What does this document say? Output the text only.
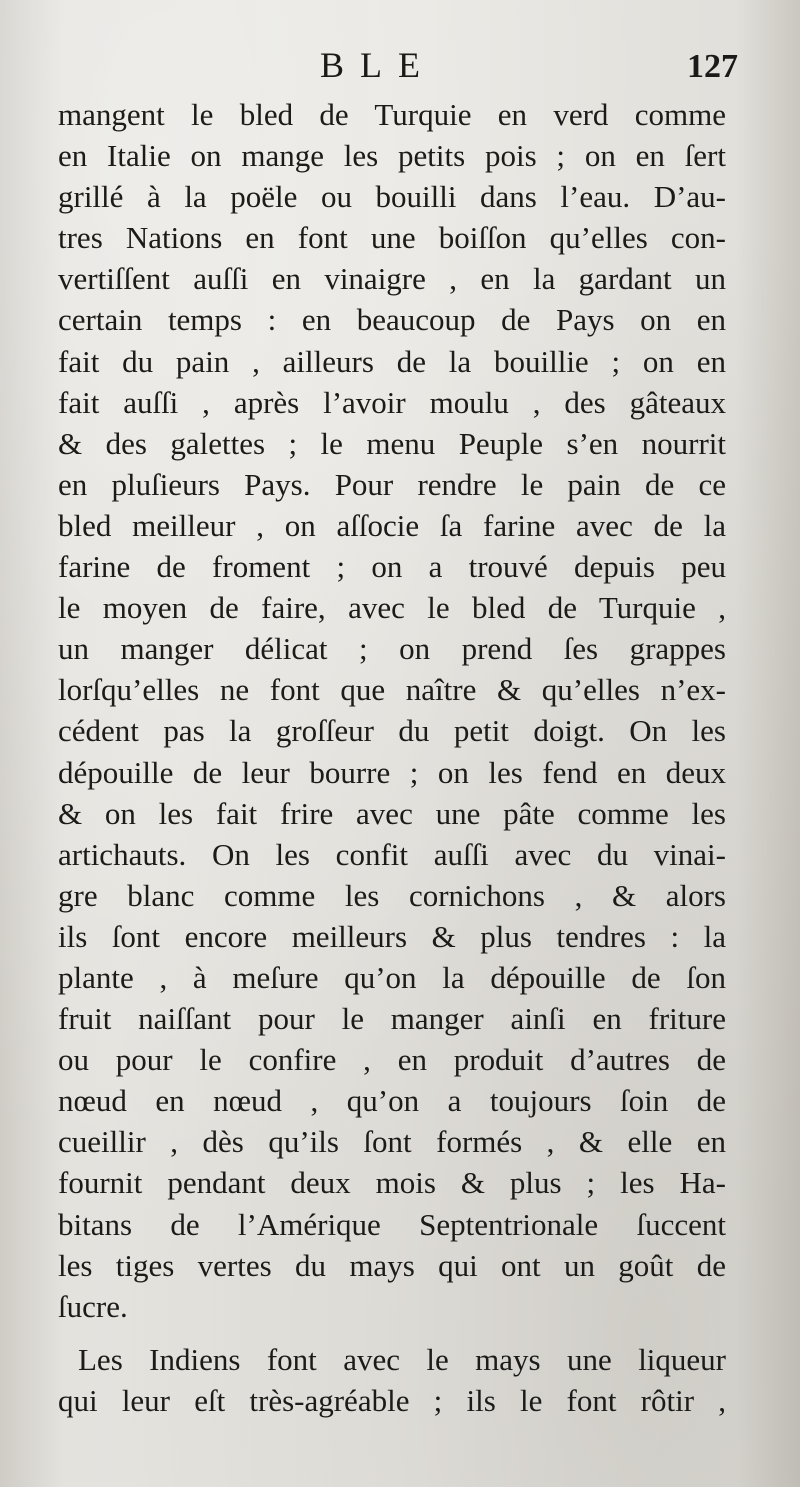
BLE	127
mangent le bled de Turquie en verd comme
en Italie on mange les petits pois ; on en ſert
grillé à la poële ou bouilli dans l’eau. D’au-
tres Nations en font une boiſſon qu’elles con-
vertiſſent auſſi en vinaigre , en la gardant un
certain temps : en beaucoup de Pays on en
fait du pain , ailleurs de la bouillie ; on en
fait auſſi , après l’avoir moulu , des gâteaux
& des galettes ; le menu Peuple s’en nourrit
en pluſieurs Pays. Pour rendre le pain de ce
bled meilleur , on aſſocie ſa farine avec de la
farine de froment ; on a trouvé depuis peu
le moyen de faire, avec le bled de Turquie ,
un manger délicat ; on prend ſes grappes
lorſqu’elles ne font que naître & qu’elles n’ex-
cédent pas la groſſeur du petit doigt. On les
dépouille de leur bourre ; on les fend en deux
& on les fait frire avec une pâte comme les
artichauts. On les confit auſſi avec du vinai-
gre blanc comme les cornichons , & alors
ils ſont encore meilleurs & plus tendres : la
plante , à meſure qu’on la dépouille de ſon
fruit naiſſant pour le manger ainſi en friture
ou pour le confire , en produit d’autres de
nœud en nœud , qu’on a toujours ſoin de
cueillir , dès qu’ils ſont formés , & elle en
fournit pendant deux mois & plus ; les Ha-
bitans de l’Amérique Septentrionale ſuccent
les tiges vertes du mays qui ont un goût de
ſucre.
Les Indiens font avec le mays une liqueur
qui leur eſt très-agréable ; ils le font rôtir ,
